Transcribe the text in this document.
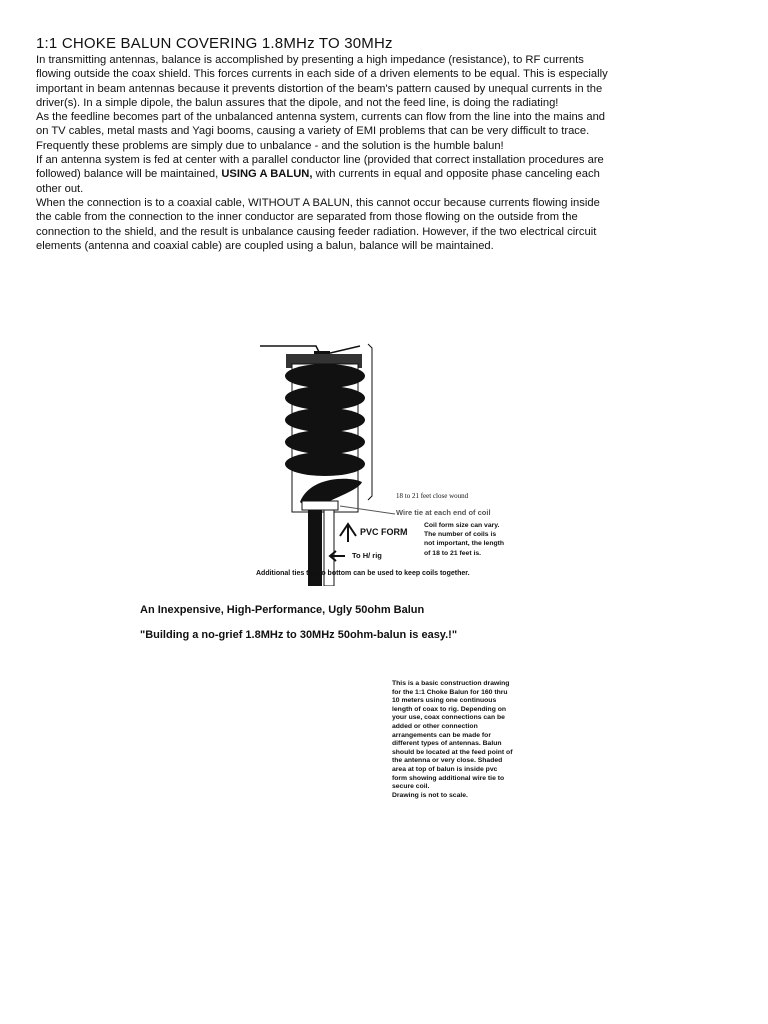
1:1 CHOKE BALUN COVERING 1.8MHz TO 30MHz

In transmitting antennas, balance is accomplished by presenting a high impedance (resistance), to RF currents flowing outside the coax shield. This forces currents in each side of a driven elements to be equal. This is especially important in beam antennas because it prevents distortion of the beam's pattern caused by unequal currents in the driver(s). In a simple dipole, the balun assures that the dipole, and not the feed line, is doing the radiating!

As the feedline becomes part of the unbalanced antenna system, currents can flow from the line into the mains and on TV cables, metal masts and Yagi booms, causing a variety of EMI problems that can be very difficult to trace. Frequently these problems are simply due to unbalance - and the solution is the humble balun!

If an antenna system is fed at center with a parallel conductor line (provided that correct installation procedures are followed) balance will be maintained, USING A BALUN, with currents in equal and opposite phase canceling each other out.

When the connection is to a coaxial cable, WITHOUT A BALUN, this cannot occur because currents flowing inside the cable from the connection to the inner conductor are separated from those flowing on the outside from the connection to the shield, and the result is unbalance causing feeder radiation. However, if the two electrical circuit elements (antenna and coaxial cable) are coupled using a balun, balance will be maintained.

This is a basic construction drawing

for the 1:1 Choke Balun for 160 thru

10 meters using one continuous

length of coax to rig. Depending on

your use, coax connections can be

added or other connection

arrangements can be made for

different types of antennas. Balun

should be located at the feed point of

the antenna or very close. Shaded

area at top of balun is inside pvc

form showing additional wire tie to

secure coil.

Drawing is not to scale.

18 to 21 feet close wound
Wire tie at each end of coil
PVC FORM
To H/ rig
Coil form size can vary.
The number of coils is
not important, the length
of 18 to 21 feet is.
Additional ties top to bottom can be used to keep coils together.
An Inexpensive, High-Performance, Ugly 50ohm Balun
"Building a no-grief 1.8MHz to 30MHz 50ohm-balun is easy.!"
